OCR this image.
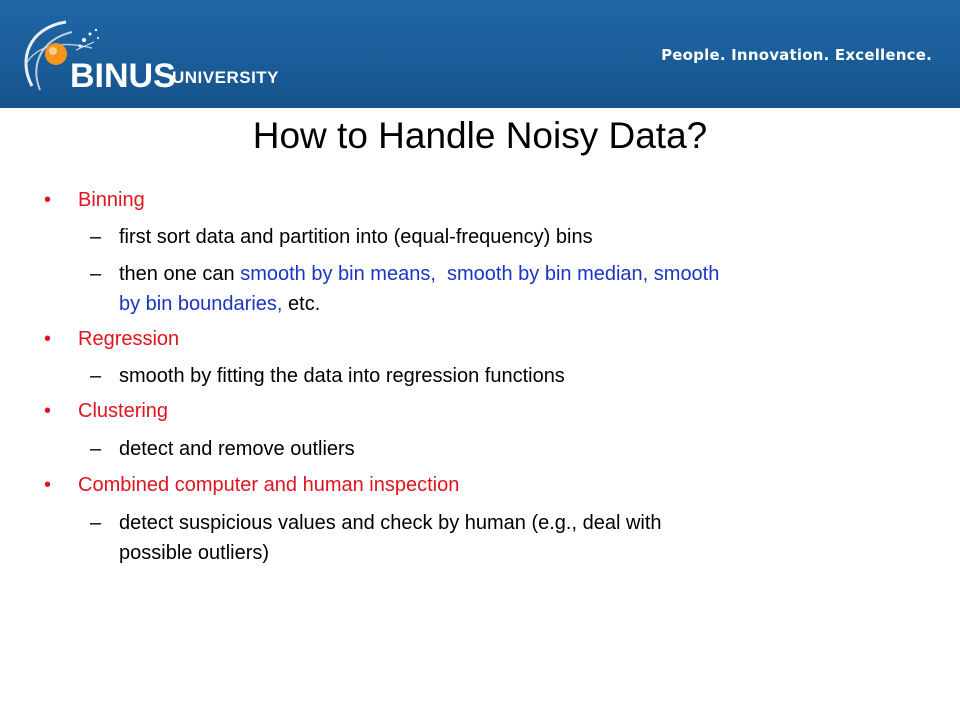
BINUS
UNIVERSITY
People. Innovation. Excellence.
How to Handle Noisy Data?
• Binning
– first sort data and partition into (equal-frequency) bins
– then one can smooth by bin means, smooth by bin median, smooth
by bin boundaries, etc.
• Regression
– smooth by fitting the data into regression functions
• Clustering
– detect and remove outliers
• Combined computer and human inspection
– detect suspicious values and check by human (e.g., deal with
possible outliers)
